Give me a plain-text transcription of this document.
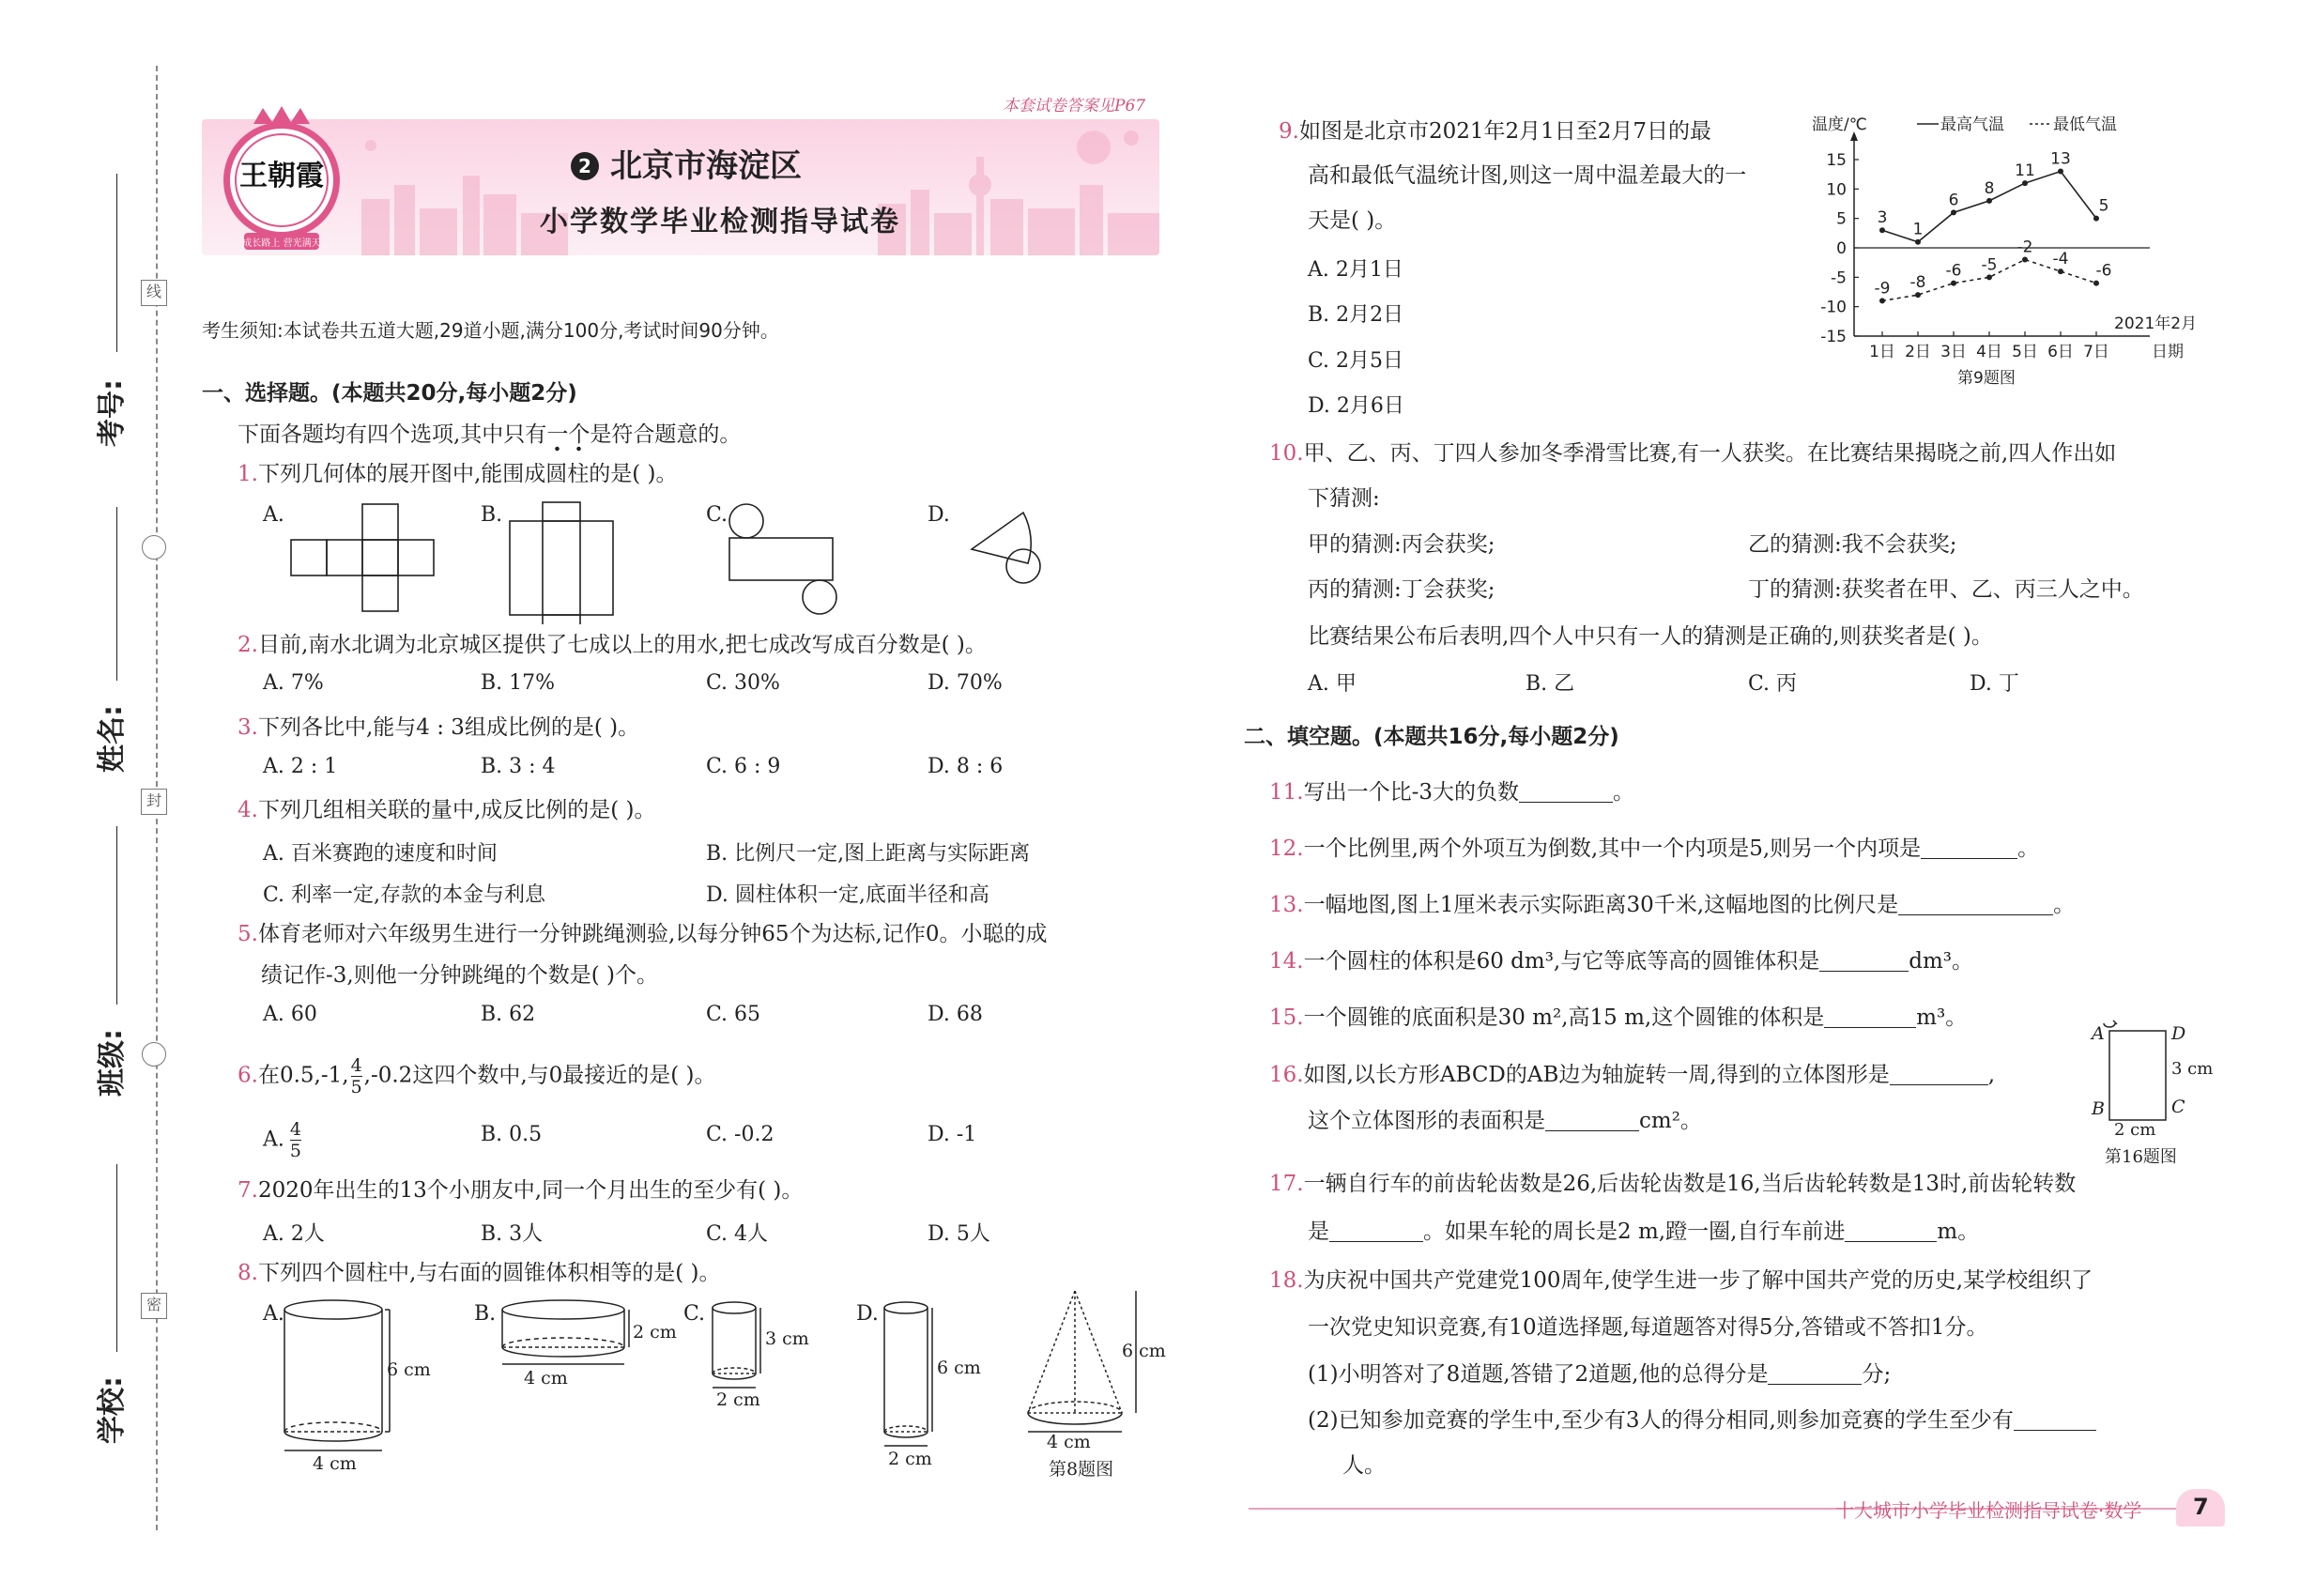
考号:
姓名:
班级:
学校:
线
封
密
本套试卷答案见P67
王朝霞
成长路上 营光满天
2 北京市海淀区
小学数学毕业检测指导试卷
考生须知:本试卷共五道大题,29道小题,满分100分,考试时间90分钟。
一、选择题。(本题共20分,每小题2分)
下面各题均有四个选项,其中只有一个是符合题意的。
1.下列几何体的展开图中,能围成圆柱的是( )。
A.	B.	C.	D.
2.目前,南水北调为北京城区提供了七成以上的用水,把七成改写成百分数是( )。
A. 7%	B. 17%	C. 30%	D. 70%
3.下列各比中,能与4 : 3组成比例的是( )。
A. 2 : 1	B. 3 : 4	C. 6 : 9	D. 8 : 6
4.下列几组相关联的量中,成反比例的是( )。
A. 百米赛跑的速度和时间	B. 比例尺一定,图上距离与实际距离
C. 利率一定,存款的本金与利息	D. 圆柱体积一定,底面半径和高
5.体育老师对六年级男生进行一分钟跳绳测验,以每分钟65个为达标,记作0。小聪的成
绩记作-3,则他一分钟跳绳的个数是( )个。
A. 60	B. 62	C. 65	D. 68
6.在0.5,-1, $\frac{4}{5} ,-0.2$这四个数中,与0最接近的是( )。
A. $\frac{4}{5}$	B. 0.5	C. -0.2	D. -1
7.2020年出生的13个小朋友中,同一个月出生的至少有( )。
A. 2人	B. 3人	C. 4人	D. 5人
8.下列四个圆柱中,与右面的圆锥体积相等的是( )。
A.	B.	C.	D.
6 cm
4 cm
2 cm
4 cm
3 cm
2 cm
6 cm
2 cm
6 cm
4 cm
第8题图
9.如图是北京市2021年2月1日至2月7日的最
高和最低气温统计图,则这一周中温差最大的一
天是( )。
A. 2月1日
B. 2月2日
C. 2月5日
D. 2月6日
15
10
5
0
-5
-10
-15
温度/℃	最高气温	最低气温
1日 2日 3日 4日 5日 6日 7日	日期
2021年2月
第9题图
3
1
6
8
11
13
5
-9 -8
-6 -5
-2
-4
-6
10.甲、乙、丙、丁四人参加冬季滑雪比赛,有一人获奖。在比赛结果揭晓之前,四人作出如
下猜测:
甲的猜测:丙会获奖;	乙的猜测:我不会获奖;
丙的猜测:丁会获奖;	丁的猜测:获奖者在甲、乙、丙三人之中。
比赛结果公布后表明,四个人中只有一人的猜测是正确的,则获奖者是( )。
A. 甲	B. 乙	C. 丙	D. 丁
二、填空题。(本题共16分,每小题2分)
11.写出一个比-3大的负数	。
12.一个比例里,两个外项互为倒数,其中一个内项是5,则另一个内项是	。
13.一幅地图,图上1厘米表示实际距离30千米,这幅地图的比例尺是	。
14.一个圆柱的体积是60 dm³,与它等底等高的圆锥体积是	dm³。
15.一个圆锥的底面积是30 m²,高15 m,这个圆锥的体积是	m³。
16.如图,以长方形ABCD的AB边为轴旋转一周,得到的立体图形是	,
这个立体图形的表面积是	cm²。
A	D
B	C
3 cm
2 cm
第16题图
17.一辆自行车的前齿轮齿数是26,后齿轮齿数是16,当后齿轮转数是13时,前齿轮转数
是	。如果车轮的周长是2 m,蹬一圈,自行车前进	m。
18.为庆祝中国共产党建党100周年,使学生进一步了解中国共产党的历史,某学校组织了
一次党史知识竞赛,有10道选择题,每道题答对得5分,答错或不答扣1分。
(1)小明答对了8道题,答错了2道题,他的总得分是	分;
(2)已知参加竞赛的学生中,至少有3人的得分相同,则参加竞赛的学生至少有
人。
十大城市小学毕业检测指导试卷·数学 7
